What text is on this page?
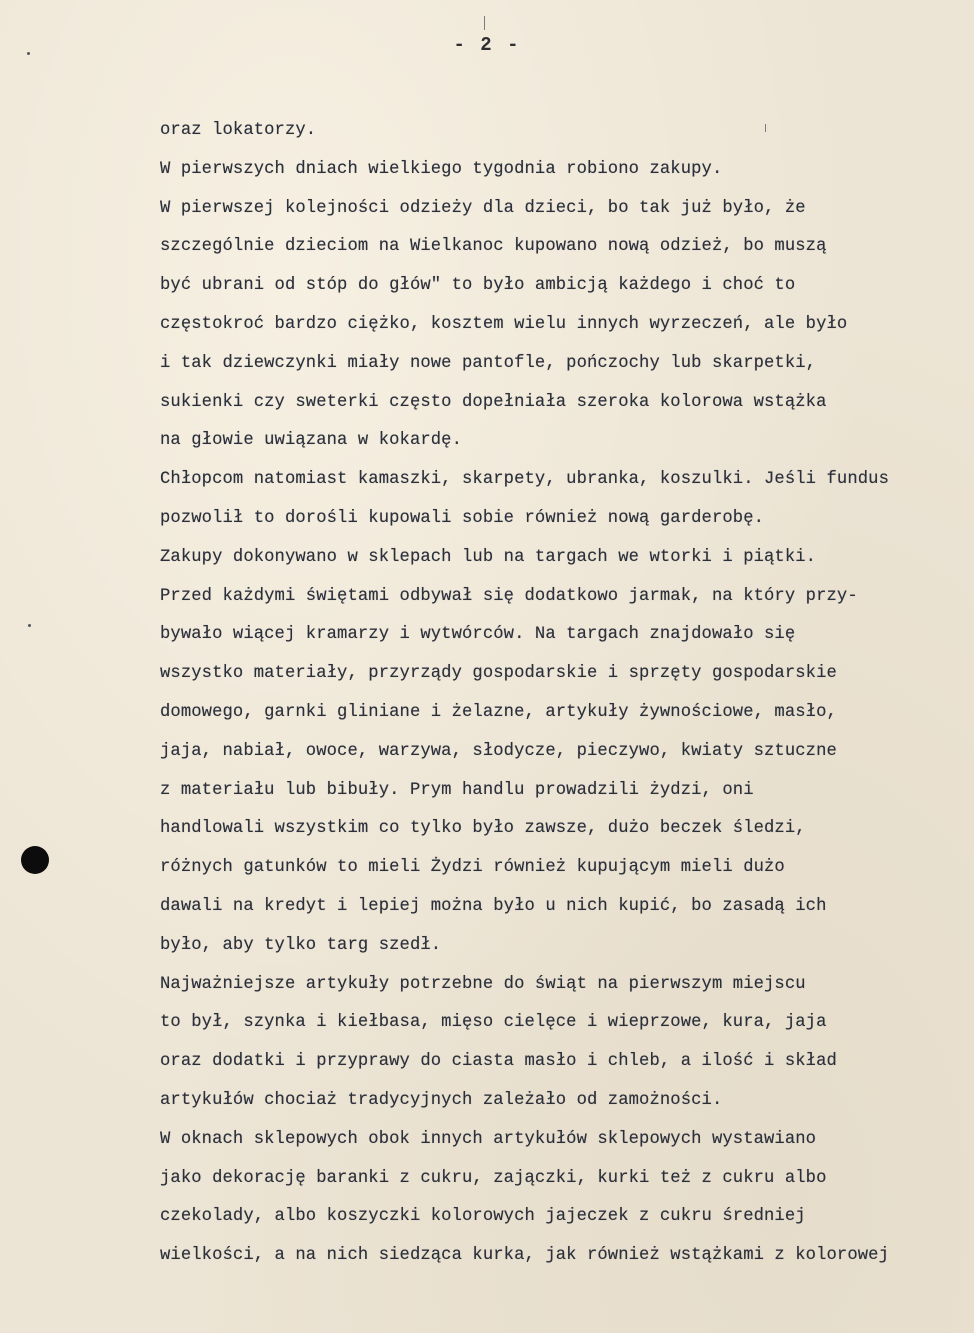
- 2 -
oraz lokatorzy.
W pierwszych dniach wielkiego tygodnia robiono zakupy.
W pierwszej kolejności odzieży dla dzieci, bo tak już było, że
szczególnie dzieciom na Wielkanoc kupowano nową odzież, bo muszą
być ubrani od stóp do głów" to było ambicją każdego i choć to
częstokroć bardzo ciężko, kosztem wielu innych wyrzeczeń, ale było
i tak dziewczynki miały nowe pantofle, pończochy lub skarpetki,
sukienki czy sweterki często dopełniała szeroka kolorowa wstążka
na głowie uwiązana w kokardę.
Chłopcom natomiast kamaszki, skarpety, ubranka, koszulki. Jeśli fundus
pozwolił to dorośli kupowali sobie również nową garderobę.
Zakupy dokonywano w sklepach lub na targach we wtorki i piątki.
Przed każdymi świętami odbywał się dodatkowo jarmak, na który przy-
bywało wiącej kramarzy i wytwórców. Na targach znajdowało się
wszystko materiały, przyrządy gospodarskie i sprzęty gospodarskie
domowego, garnki gliniane i żelazne, artykuły żywnościowe, masło,
jaja, nabiał, owoce, warzywa, słodycze, pieczywo, kwiaty sztuczne
z materiału lub bibuły. Prym handlu prowadzili żydzi, oni
handlowali wszystkim co tylko było zawsze, dużo beczek śledzi,
różnych gatunków to mieli Żydzi również kupującym mieli dużo
dawali na kredyt i lepiej można było u nich kupić, bo zasadą ich
było, aby tylko targ szedł.
Najważniejsze artykuły potrzebne do świąt na pierwszym miejscu
to był, szynka i kiełbasa, mięso cielęce i wieprzowe, kura, jaja
oraz dodatki i przyprawy do ciasta masło i chleb, a ilość i skład
artykułów chociaż tradycyjnych zależało od zamożności.
W oknach sklepowych obok innych artykułów sklepowych wystawiano
jako dekorację baranki z cukru, zajączki, kurki też z cukru albo
czekolady, albo koszyczki kolorowych jajeczek z cukru średniej
wielkości, a na nich siedząca kurka, jak również wstążkami z kolorowej
